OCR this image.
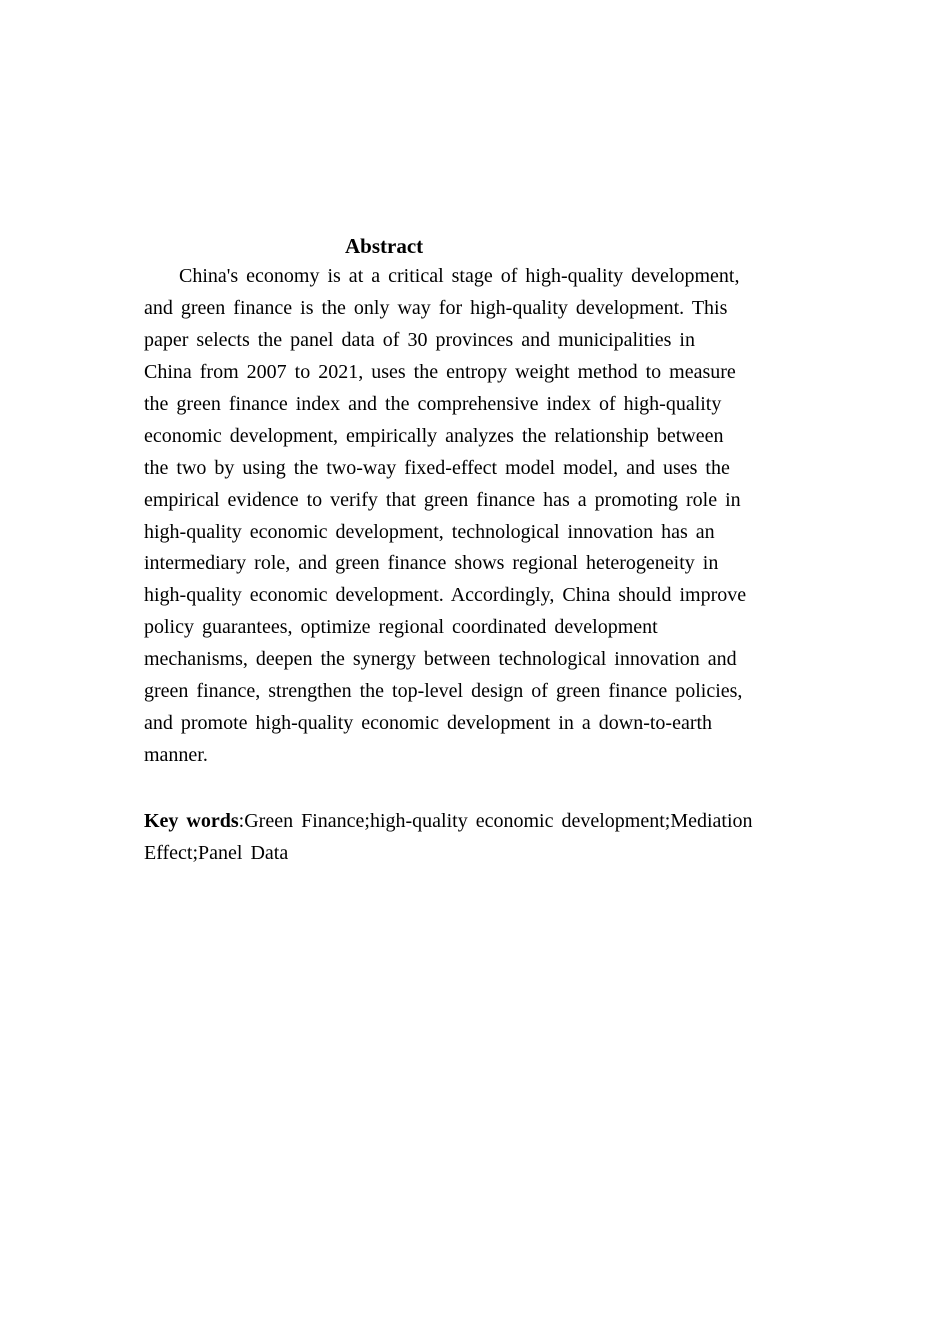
Abstract
China's economy is at a critical stage of high-quality development,
and green finance is the only way for high-quality development. This
paper selects the panel data of 30 provinces and municipalities in
China from 2007 to 2021, uses the entropy weight method to measure
the green finance index and the comprehensive index of high-quality
economic development, empirically analyzes the relationship between
the two by using the two-way fixed-effect model model, and uses the
empirical evidence to verify that green finance has a promoting role in
high-quality economic development, technological innovation has an
intermediary role, and green finance shows regional heterogeneity in
high-quality economic development. Accordingly, China should improve
policy guarantees, optimize regional coordinated development
mechanisms, deepen the synergy between technological innovation and
green finance, strengthen the top-level design of green finance policies,
and promote high-quality economic development in a down-to-earth
manner.
Key words:Green Finance;high-quality economic development;Mediation
Effect;Panel Data
